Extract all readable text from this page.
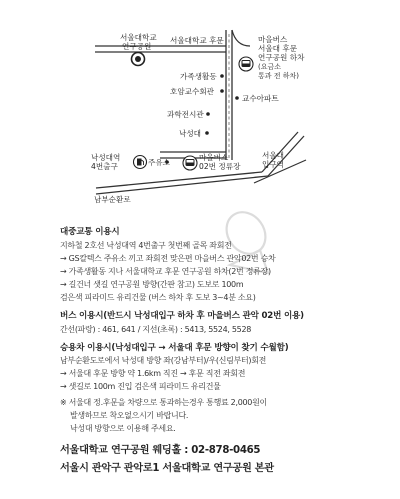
서울대학교
연구공원
서울대학교 후문	마을버스
서울대 후문
연구공원 하차
(요금소
통과 전 하차)
가족생활동
호암교수회관
교수아파트
과학전시관
낙성대
낙성대역
4번출구	주유소
마을버스
02번 정류장
서울대
입구역
남부순환로
대중교통 이용시
지하철 2호선 낙성대역 4번출구 첫번째 골목 좌회전
→ GS칼텍스 주유소 끼고 좌회전 맞은편 마을버스 관악02번 승차
→ 가족생활동 지나 서울대학교 후문 연구공원 하차(2번 정류장)
→ 길건너 샛길 연구공원 방향(간판 참고) 도보로 100m
검은색 피라미드 유리건물 (버스 하차 후 도보 3~4분 소요)
버스 이용시(반드시 낙성대입구 하차 후 마을버스 관악 02번 이용)
간선(파랑) : 461, 641 / 지선(초록) : 5413, 5524, 5528
승용차 이용시(낙성대입구 → 서울대 후문 방향이 찾기 수월함)
남부순환도로에서 낙성대 방향 좌(강남부터)/우(신림부터)회전
→ 서울대 후문 방향 약 1.6km 직진 → 후문 직전 좌회전
→ 샛길로 100m 진입 검은색 피라미드 유리건물
※ 서울대 정.후문을 차량으로 통과하는경우 통행료 2,000원이
발생하므로 착오없으시기 바랍니다.
낙성대 방향으로 이용해 주세요.
서울대학교 연구공원 웨딩홀 : 02-878-0465
서울시 관악구 관악로1 서울대학교 연구공원 본관
